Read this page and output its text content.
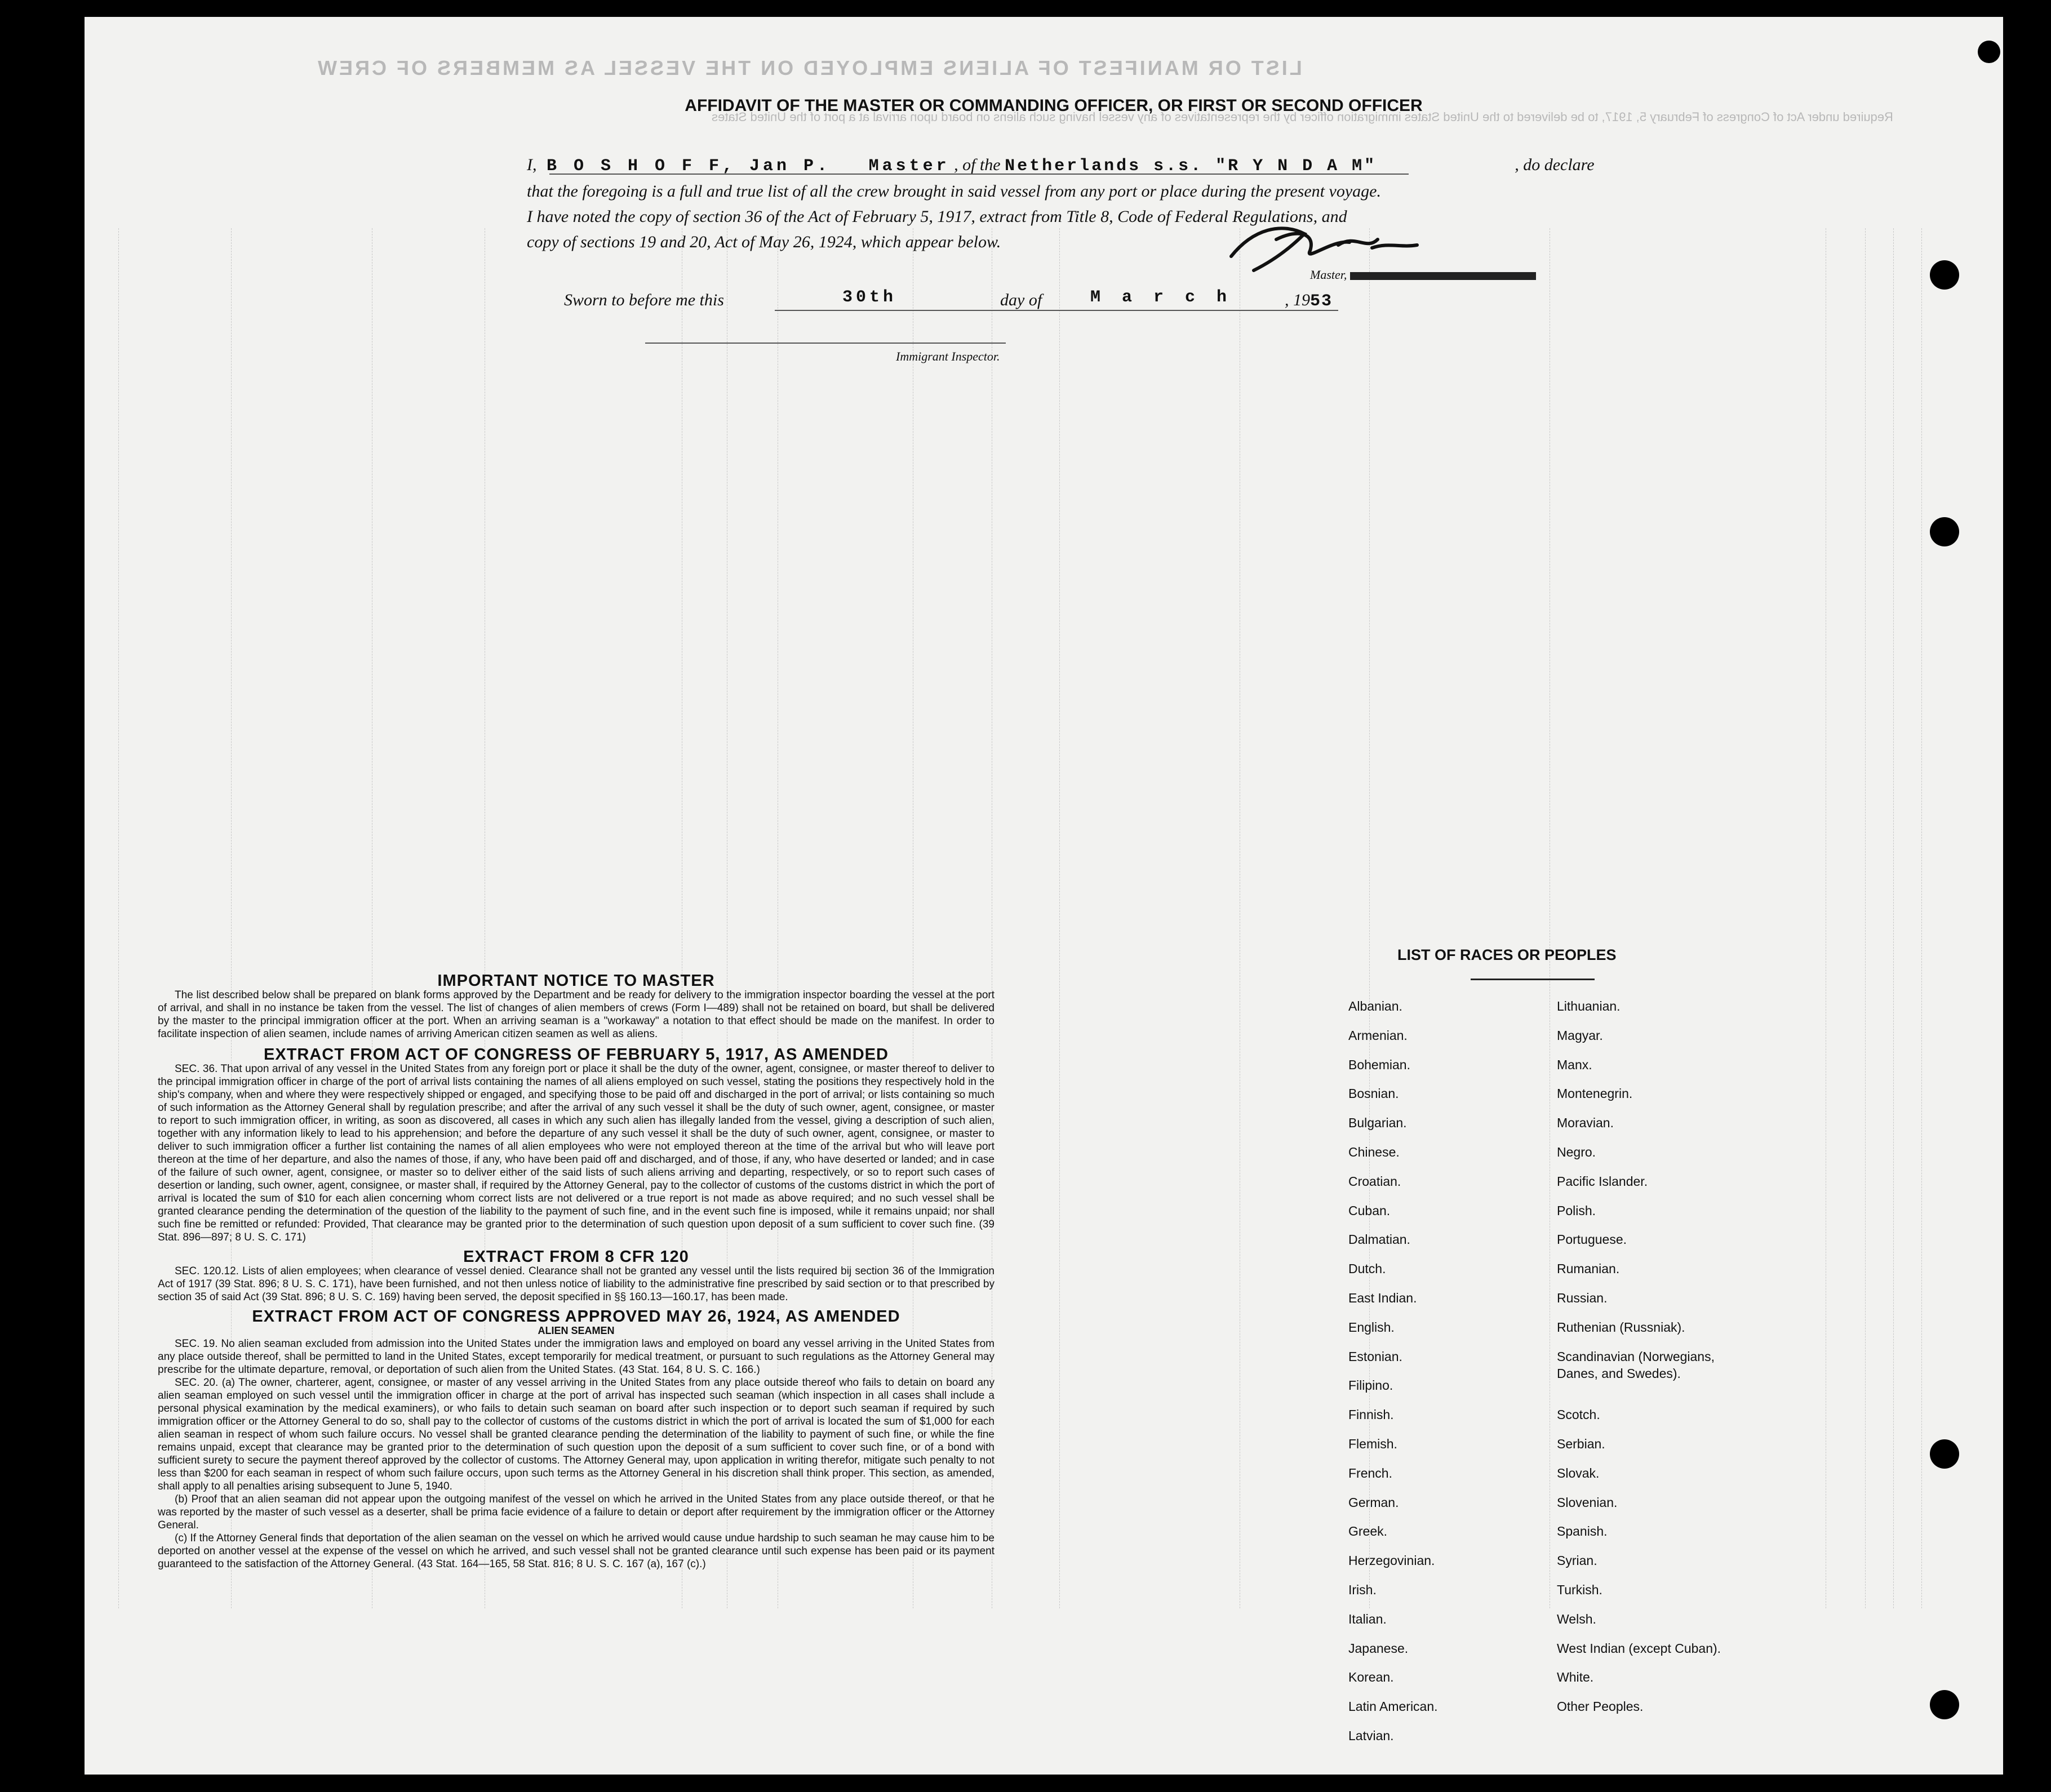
LIST OR MANIFEST OF ALIENS EMPLOYED ON THE VESSEL AS MEMBERS OF CREW
Required under Act of Congress of February 5, 1917, to be delivered to the United States immigration officer by the representatives of any vessel having such aliens on board upon arrival at a port of the United States
AFFIDAVIT OF THE MASTER OR COMMANDING OFFICER, OR FIRST OR SECOND OFFICER
I, B O S H O F F, Jan P. Master , of the Netherlands s.s. "R Y N D A M"	, do declare
that the foregoing is a full and true list of all the crew brought in said vessel from any port or place during the present voyage.
I have noted the copy of section 36 of the Act of February 5, 1917, extract from Title 8, Code of Federal Regulations, and
copy of sections 19 and 20, Act of May 26, 1924, which appear below.
Master,
Sworn to before me this	30th	day of	M a r c h	, 1953
Immigrant Inspector.
IMPORTANT NOTICE TO MASTER

The list described below shall be prepared on blank forms approved by the Department and be ready for delivery to the immigration inspector boarding the vessel at the port of arrival, and shall in no instance be taken from the vessel. The list of changes of alien members of crews (Form I—489) shall not be retained on board, but shall be delivered by the master to the principal immigration officer at the port. When an arriving seaman is a "workaway" a notation to that effect should be made on the manifest. In order to facilitate inspection of alien seamen, include names of arriving American citizen seamen as well as aliens.

EXTRACT FROM ACT OF CONGRESS OF FEBRUARY 5, 1917, AS AMENDED

SEC. 36. That upon arrival of any vessel in the United States from any foreign port or place it shall be the duty of the owner, agent, consignee, or master thereof to deliver to the principal immigration officer in charge of the port of arrival lists containing the names of all aliens employed on such vessel, stating the positions they respectively hold in the ship's company, when and where they were respectively shipped or engaged, and specifying those to be paid off and discharged in the port of arrival; or lists containing so much of such information as the Attorney General shall by regulation prescribe; and after the arrival of any such vessel it shall be the duty of such owner, agent, consignee, or master to report to such immigration officer, in writing, as soon as discovered, all cases in which any such alien has illegally landed from the vessel, giving a description of such alien, together with any information likely to lead to his apprehension; and before the departure of any such vessel it shall be the duty of such owner, agent, consignee, or master to deliver to such immigration officer a further list containing the names of all alien employees who were not employed thereon at the time of the arrival but who will leave port thereon at the time of her departure, and also the names of those, if any, who have been paid off and discharged, and of those, if any, who have deserted or landed; and in case of the failure of such owner, agent, consignee, or master so to deliver either of the said lists of such aliens arriving and departing, respectively, or so to report such cases of desertion or landing, such owner, agent, consignee, or master shall, if required by the Attorney General, pay to the collector of customs of the customs district in which the port of arrival is located the sum of $10 for each alien concerning whom correct lists are not delivered or a true report is not made as above required; and no such vessel shall be granted clearance pending the determination of the question of the liability to the payment of such fine, and in the event such fine is imposed, while it remains unpaid; nor shall such fine be remitted or refunded: Provided, That clearance may be granted prior to the determination of such question upon deposit of a sum sufficient to cover such fine. (39 Stat. 896—897; 8 U. S. C. 171)

EXTRACT FROM 8 CFR 120

SEC. 120.12. Lists of alien employees; when clearance of vessel denied. Clearance shall not be granted any vessel until the lists required bij section 36 of the Immigration Act of 1917 (39 Stat. 896; 8 U. S. C. 171), have been furnished, and not then unless notice of liability to the administrative fine prescribed by said section or to that prescribed by section 35 of said Act (39 Stat. 896; 8 U. S. C. 169) having been served, the deposit specified in §§ 160.13—160.17, has been made.

EXTRACT FROM ACT OF CONGRESS APPROVED MAY 26, 1924, AS AMENDED
ALIEN SEAMEN

SEC. 19. No alien seaman excluded from admission into the United States under the immigration laws and employed on board any vessel arriving in the United States from any place outside thereof, shall be permitted to land in the United States, except temporarily for medical treatment, or pursuant to such regulations as the Attorney General may prescribe for the ultimate departure, removal, or deportation of such alien from the United States. (43 Stat. 164, 8 U. S. C. 166.)

SEC. 20. (a) The owner, charterer, agent, consignee, or master of any vessel arriving in the United States from any place outside thereof who fails to detain on board any alien seaman employed on such vessel until the immigration officer in charge at the port of arrival has inspected such seaman (which inspection in all cases shall include a personal physical examination by the medical examiners), or who fails to detain such seaman on board after such inspection or to deport such seaman if required by such immigration officer or the Attorney General to do so, shall pay to the collector of customs of the customs district in which the port of arrival is located the sum of $1,000 for each alien seaman in respect of whom such failure occurs. No vessel shall be granted clearance pending the determination of the liability to payment of such fine, or while the fine remains unpaid, except that clearance may be granted prior to the determination of such question upon the deposit of a sum sufficient to cover such fine, or of a bond with sufficient surety to secure the payment thereof approved by the collector of customs. The Attorney General may, upon application in writing therefor, mitigate such penalty to not less than $200 for each seaman in respect of whom such failure occurs, upon such terms as the Attorney General in his discretion shall think proper. This section, as amended, shall apply to all penalties arising subsequent to June 5, 1940.

(b) Proof that an alien seaman did not appear upon the outgoing manifest of the vessel on which he arrived in the United States from any place outside thereof, or that he was reported by the master of such vessel as a deserter, shall be prima facie evidence of a failure to detain or deport after requirement by the immigration officer or the Attorney General.

(c) If the Attorney General finds that deportation of the alien seaman on the vessel on which he arrived would cause undue hardship to such seaman he may cause him to be deported on another vessel at the expense of the vessel on which he arrived, and such vessel shall not be granted clearance until such expense has been paid or its payment guaranteed to the satisfaction of the Attorney General. (43 Stat. 164—165, 58 Stat. 816; 8 U. S. C. 167 (a), 167 (c).)

LIST OF RACES OR PEOPLES
Albanian.
Armenian.
Bohemian.
Bosnian.
Bulgarian.
Chinese.
Croatian.
Cuban.
Dalmatian.
Dutch.
East Indian.
English.
Estonian.
Filipino.
Finnish.
Flemish.
French.
German.
Greek.
Herzegovinian.
Irish.
Italian.
Japanese.
Korean.
Latin American.
Latvian.
Lithuanian.
Magyar.
Manx.
Montenegrin.
Moravian.
Negro.
Pacific Islander.
Polish.
Portuguese.
Rumanian.
Russian.
Ruthenian (Russniak).
Scandinavian (Norwegians,
Danes, and Swedes).
Scotch.
Serbian.
Slovak.
Slovenian.
Spanish.
Syrian.
Turkish.
Welsh.
West Indian (except Cuban).
White.
Other Peoples.
